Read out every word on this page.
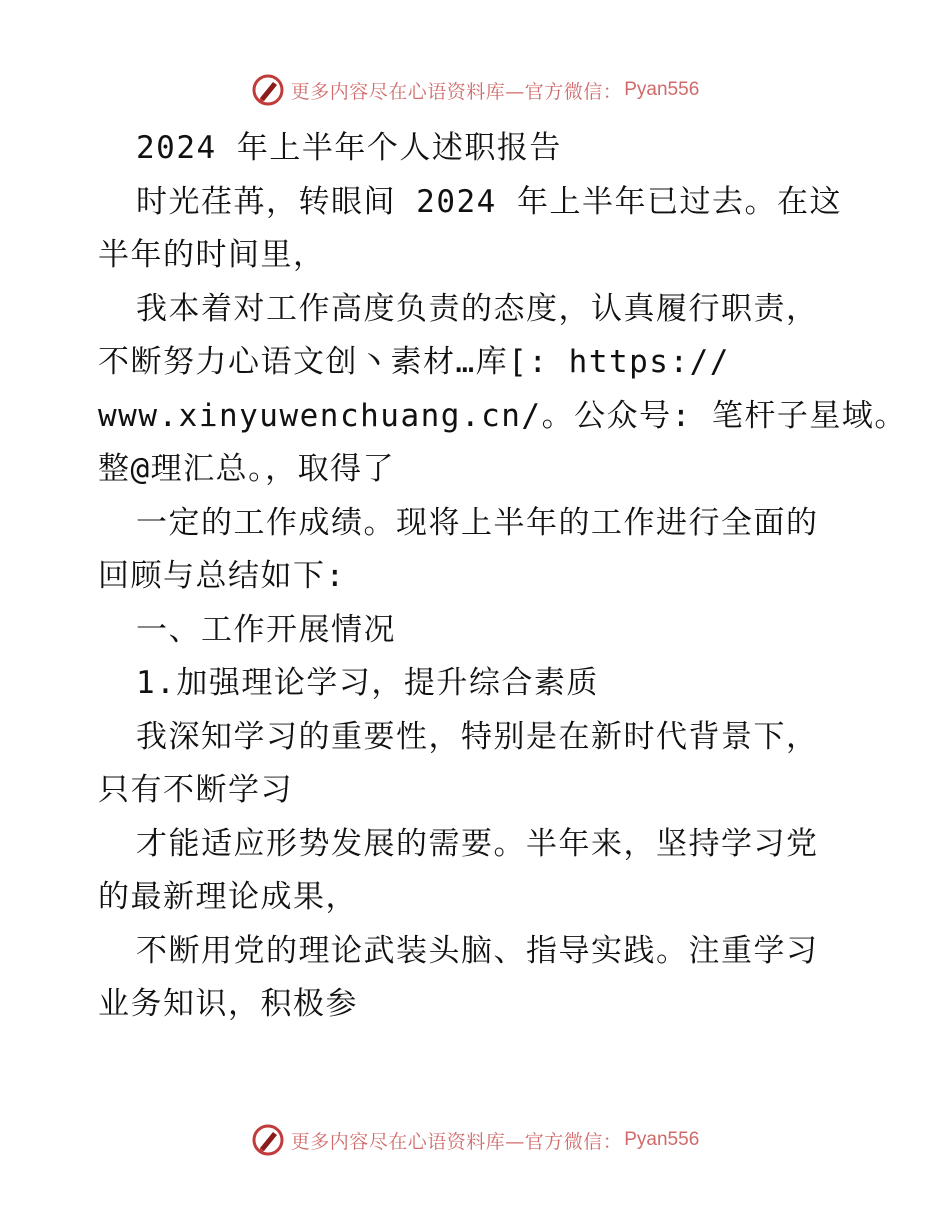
更多内容尽在心语资料库—官方微信： Pyan556

2024 年上半年个人述职报告

时光荏苒，转眼间 2024 年上半年已过去。在这

半年的时间里，

我本着对工作高度负责的态度，认真履行职责，

不断努力心语文创丶素材…库[: https://

www.xinyuwenchuang.cn/。公众号: 笔杆子星域。

整@理汇总。，取得了

一定的工作成绩。现将上半年的工作进行全面的

回顾与总结如下:

一、工作开展情况

1.加强理论学习，提升综合素质

我深知学习的重要性，特别是在新时代背景下，

只有不断学习

才能适应形势发展的需要。半年来，坚持学习党

的最新理论成果，

不断用党的理论武装头脑、指导实践。注重学习

业务知识，积极参

更多内容尽在心语资料库—官方微信： Pyan556
